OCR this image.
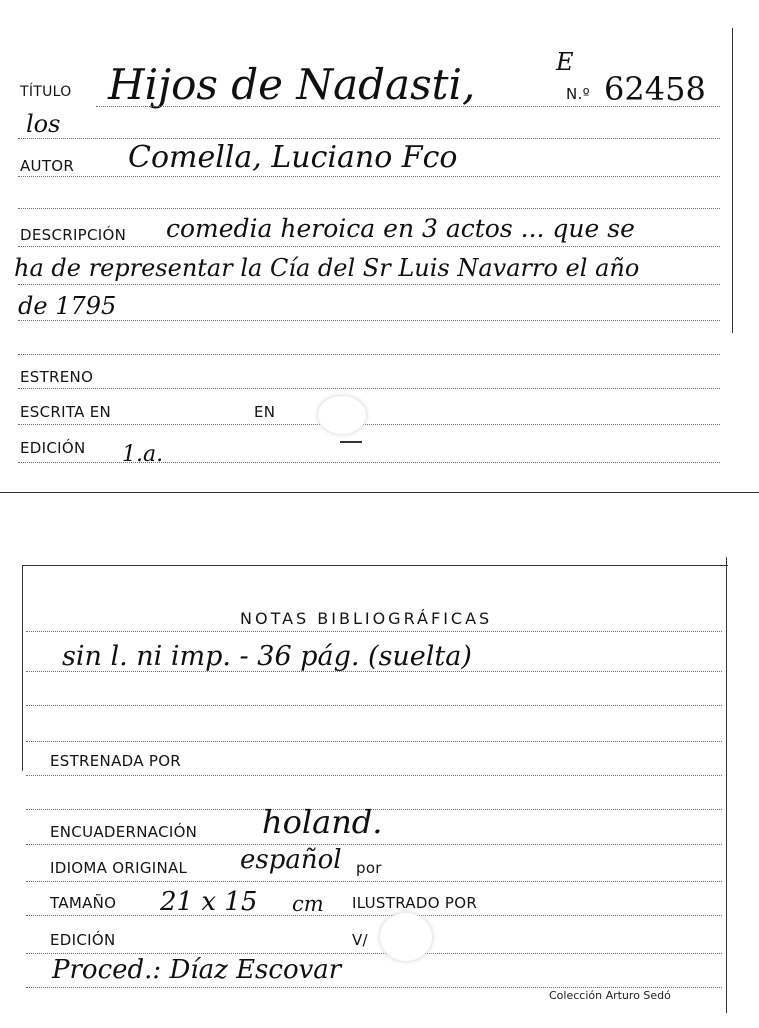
TÍTULO Hijos de Nadasti,	E
N.º 62458
los
AUTOR Comella, Luciano Fco
DESCRIPCIÓN comedia heroica en 3 actos ... que se
ha de representar la Cía del Sr Luis Navarro el año
de 1795
ESTRENO
ESCRITA EN	EN
EDICIÓN 1.a.
NOTAS BIBLIOGRÁFICAS
sin l. ni imp. - 36 pág. (suelta)
ESTRENADA POR
ENCUADERNACIÓN holand.
IDIOMA ORIGINAL español por
TAMAÑO 21 x 15 cm ILUSTRADO POR
EDICIÓN	V/
Proced.: Díaz Escovar
Colección Arturo Sedó
